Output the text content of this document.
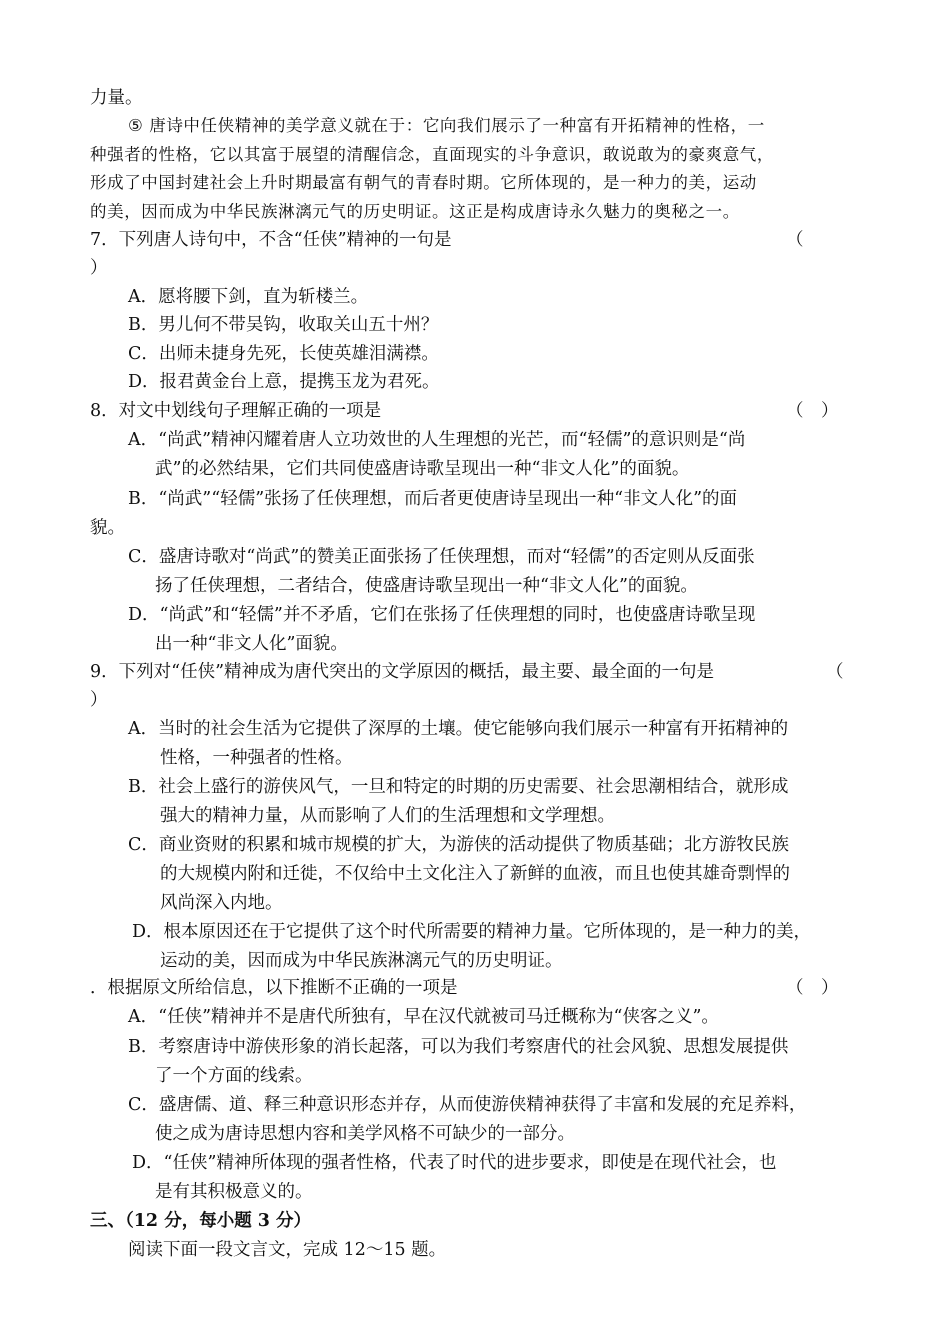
力量。
⑤ 唐诗中任侠精神的美学意义就在于：它向我们展示了一种富有开拓精神的性格，一
种强者的性格，它以其富于展望的清醒信念，直面现实的斗争意识，敢说敢为的豪爽意气，
形成了中国封建社会上升时期最富有朝气的青春时期。它所体现的，是一种力的美，运动
的美，因而成为中华民族淋漓元气的历史明证。这正是构成唐诗永久魅力的奥秘之一。
7．下列唐人诗句中，不含“任侠”精神的一句是	（
）
A．愿将腰下剑，直为斩楼兰。
B．男儿何不带吴钩，收取关山五十州？
C．出师未捷身先死，长使英雄泪满襟。
D．报君黄金台上意，提携玉龙为君死。
8．对文中划线句子理解正确的一项是	（　）
A．“尚武”精神闪耀着唐人立功效世的人生理想的光芒，而“轻儒”的意识则是“尚
武”的必然结果，它们共同使盛唐诗歌呈现出一种“非文人化”的面貌。
B．“尚武”“轻儒”张扬了任侠理想，而后者更使唐诗呈现出一种“非文人化”的面
貌。
C．盛唐诗歌对“尚武”的赞美正面张扬了任侠理想，而对“轻儒”的否定则从反面张
扬了任侠理想，二者结合，使盛唐诗歌呈现出一种“非文人化”的面貌。
D．“尚武”和“轻儒”并不矛盾，它们在张扬了任侠理想的同时，也使盛唐诗歌呈现
出一种“非文人化”面貌。
9．下列对“任侠”精神成为唐代突出的文学原因的概括，最主要、最全面的一句是	（
）
A．当时的社会生活为它提供了深厚的土壤。使它能够向我们展示一种富有开拓精神的
性格，一种强者的性格。
B．社会上盛行的游侠风气，一旦和特定的时期的历史需要、社会思潮相结合，就形成
强大的精神力量，从而影响了人们的生活理想和文学理想。
C．商业资财的积累和城市规模的扩大，为游侠的活动提供了物质基础；北方游牧民族
的大规模内附和迁徙，不仅给中土文化注入了新鲜的血液，而且也使其雄奇剽悍的
风尚深入内地。
D．根本原因还在于它提供了这个时代所需要的精神力量。它所体现的，是一种力的美，
运动的美，因而成为中华民族淋漓元气的历史明证。
．根据原文所给信息，以下推断不正确的一项是	（　）
A．“任侠”精神并不是唐代所独有，早在汉代就被司马迁概称为“侠客之义”。
B．考察唐诗中游侠形象的消长起落，可以为我们考察唐代的社会风貌、思想发展提供
了一个方面的线索。
C．盛唐儒、道、释三种意识形态并存，从而使游侠精神获得了丰富和发展的充足养料，
使之成为唐诗思想内容和美学风格不可缺少的一部分。
D．“任侠”精神所体现的强者性格，代表了时代的进步要求，即使是在现代社会，也
是有其积极意义的。
三、（12 分，每小题 3 分）
阅读下面一段文言文，完成 12～15 题。
